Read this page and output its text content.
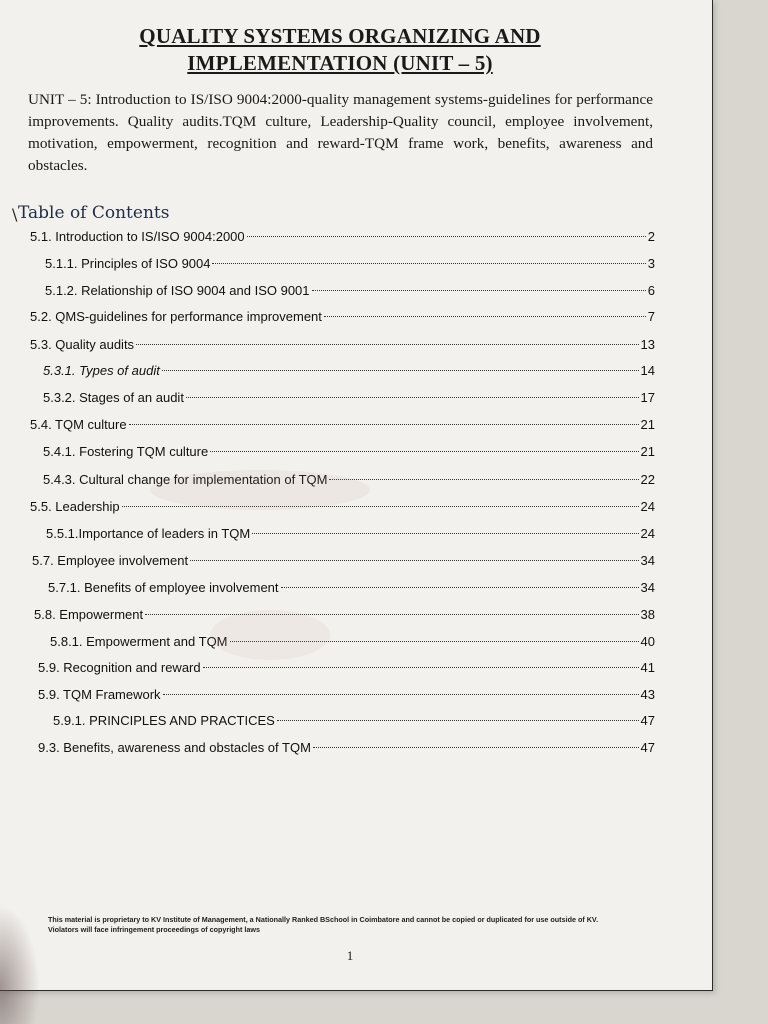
QUALITY SYSTEMS ORGANIZING AND
IMPLEMENTATION (UNIT – 5)

UNIT – 5: Introduction to IS/ISO 9004:2000-quality management systems-guidelines for performance improvements. Quality audits.TQM culture, Leadership-Quality council, employee involvement, motivation, empowerment, recognition and reward-TQM frame work, benefits, awareness and obstacles.

\ Table of Contents
5.1. Introduction to IS/ISO 9004:2000	2
5.1.1. Principles of ISO 9004	3
5.1.2. Relationship of ISO 9004 and ISO 9001	6
5.2. QMS-guidelines for performance improvement	7
5.3. Quality audits	13
5.3.1. Types of audit	14
5.3.2. Stages of an audit	17
5.4. TQM culture	21
5.4.1. Fostering TQM culture	21
5.4.3. Cultural change for implementation of TQM	22
5.5. Leadership	24
5.5.1.Importance of leaders in TQM	24
5.7. Employee involvement	34
5.7.1. Benefits of employee involvement	34
5.8. Empowerment	38
5.8.1. Empowerment and TQM	40
5.9. Recognition and reward	41
5.9. TQM Framework	43
5.9.1. PRINCIPLES AND PRACTICES	47
9.3. Benefits, awareness and obstacles of TQM	47
This material is proprietary to KV Institute of Management, a Nationally Ranked BSchool in Coimbatore and cannot be copied or duplicated for use outside of KV.
Violators will face infringement proceedings of copyright laws

1
